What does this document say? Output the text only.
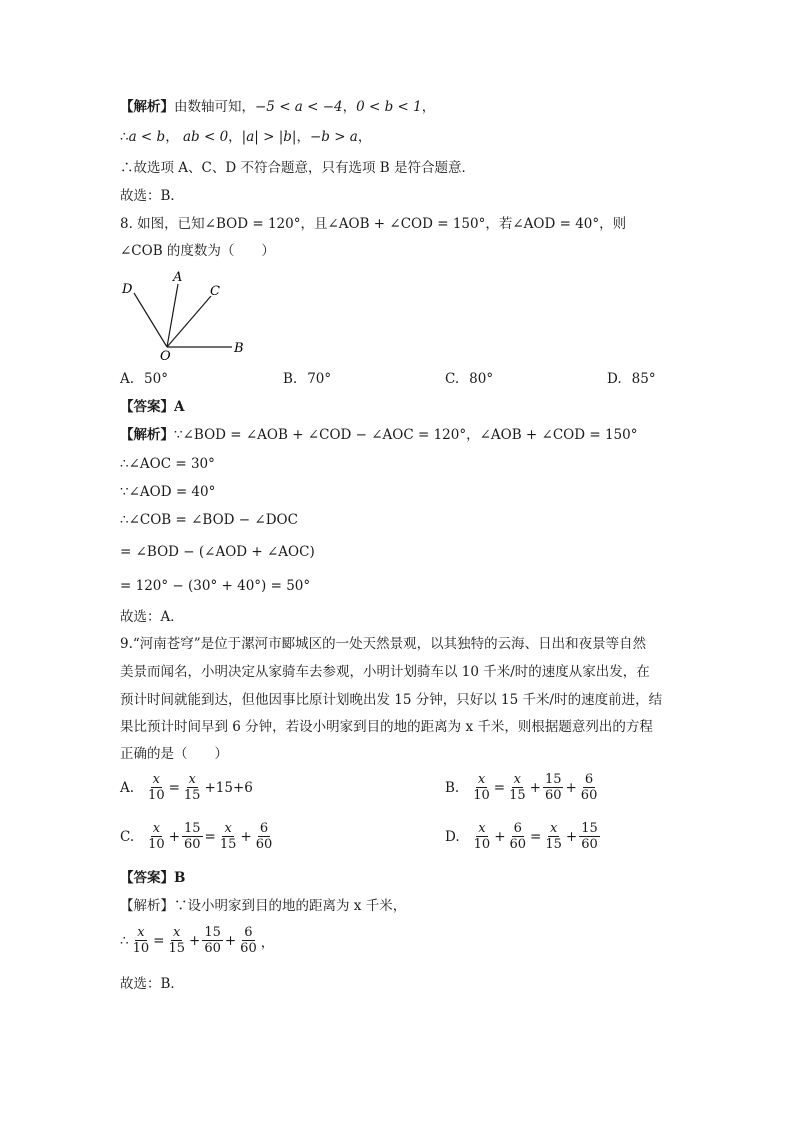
【解析】由数轴可知，−5 < a < −4，0 < b < 1，
∴a < b， ab < 0，|a| > |b|，−b > a，
∴故选项 A、C、D 不符合题意，只有选项 B 是符合题意．
故选：B．
8. 如图，已知∠BOD = 120°，且∠AOB + ∠COD = 150°，若∠AOD = 40°，则
∠COB 的度数为（　　）
D
A
C
O
B
A. 50°	B. 70°	C. 80°	D. 85°
【答案】A
【解析】∵∠BOD = ∠AOB + ∠COD − ∠AOC = 120°，∠AOB + ∠COD = 150°
∴∠AOC = 30°
∵∠AOD = 40°
∴∠COB = ∠BOD − ∠DOC
= ∠BOD − (∠AOD + ∠AOC)
= 120° − (30° + 40°) = 50°
故选：A．
9.“河南苍穹”是位于漯河市郾城区的一处天然景观，以其独特的云海、日出和夜景等自然
美景而闻名，小明决定从家骑车去参观，小明计划骑车以 10 千米/时的速度从家出发，在
预计时间就能到达，但他因事比原计划晚出发 15 分钟，只好以 15 千米/时的速度前进，结
果比预计时间早到 6 分钟，若设小明家到目的地的距离为 x 千米，则根据题意列出的方程
正确的是（　　）
A. $\frac{x}{10} = \frac{x}{15} +15+6$	B. $\frac{x}{10} = \frac{x}{15} + \frac{15}{60} + \frac{6}{60}$
C. $\frac{x}{10} + \frac{15}{60} = \frac{x}{15} + \frac{6}{60}$	D. $\frac{x}{10} + \frac{6}{60} = \frac{x}{15} + \frac{15}{60}$
【答案】B
【解析】∵设小明家到目的地的距离为 x 千米，
∴ $\frac{x}{10} = \frac{x}{15} + \frac{15}{60} + \frac{6}{60}$ ，
故选：B．
